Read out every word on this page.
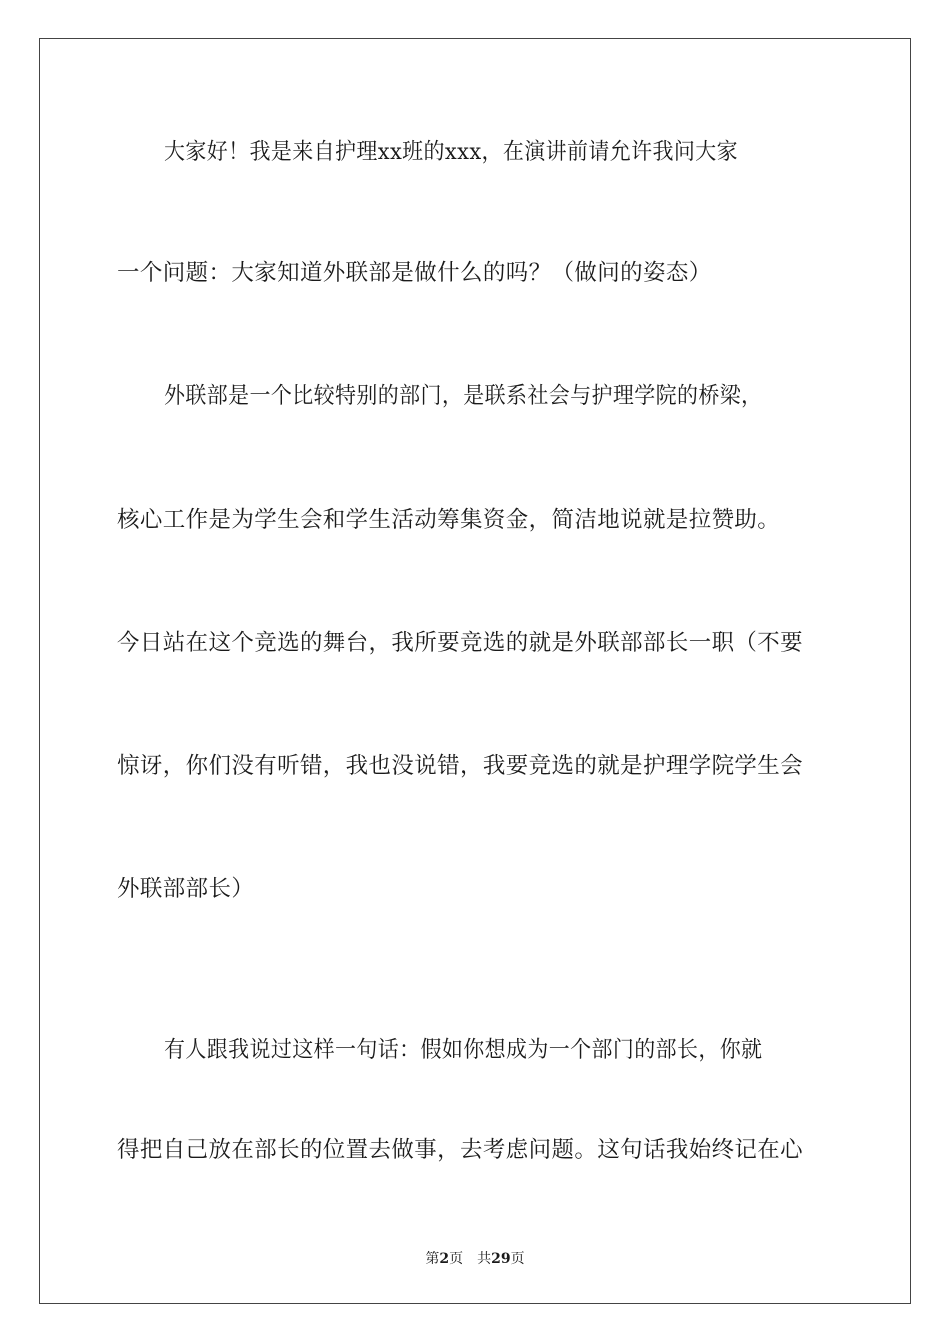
大家好！我是来自护理xx班的xxx，在演讲前请允许我问大家
一个问题：大家知道外联部是做什么的吗？（做问的姿态）
外联部是一个比较特别的部门，是联系社会与护理学院的桥梁，
核心工作是为学生会和学生活动筹集资金，简洁地说就是拉赞助。
今日站在这个竞选的舞台，我所要竞选的就是外联部部长一职（不要
惊讶，你们没有听错，我也没说错，我要竞选的就是护理学院学生会
外联部部长）
有人跟我说过这样一句话：假如你想成为一个部门的部长，你就
得把自己放在部长的位置去做事，去考虑问题。这句话我始终记在心
第2页 共29页
